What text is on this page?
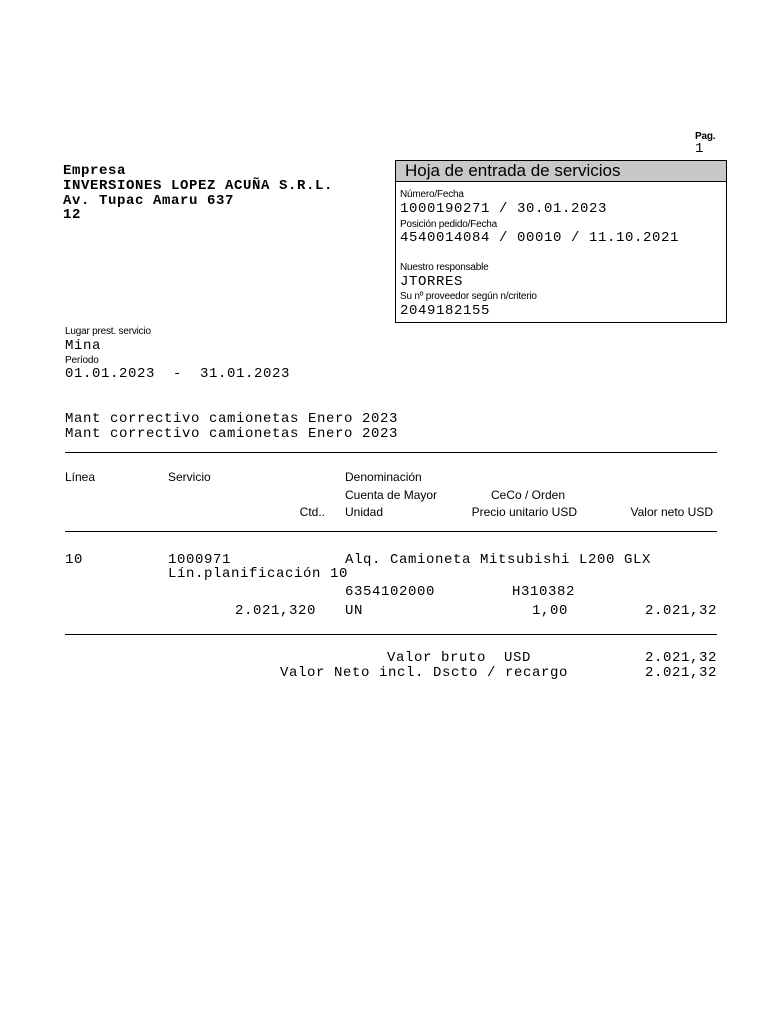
Pag.
1
Empresa
INVERSIONES LOPEZ ACUÑA S.R.L.
Av. Tupac Amaru 637
12
Hoja de entrada de servicios
Número/Fecha
1000190271 / 30.01.2023
Posición pedido/Fecha
4540014084 / 00010 / 11.10.2021
Nuestro responsable
JTORRES
Su nº proveedor según n/criterio
2049182155
Lugar prest. servicio
Mina
Período
01.01.2023  -  31.01.2023
Mant correctivo camionetas Enero 2023
Mant correctivo camionetas Enero 2023
Línea	Servicio	Denominación
Cuenta de Mayor	CeCo / Orden
Ctd.. Unidad	Precio unitario USD	Valor neto USD
10	1000971	Alq. Camioneta Mitsubishi L200 GLX
Lín.planificación 10
6354102000	H310382
2.021,320 UN	1,00	2.021,32
Valor bruto  USD	2.021,32
Valor Neto incl. Dscto / recargo	2.021,32
